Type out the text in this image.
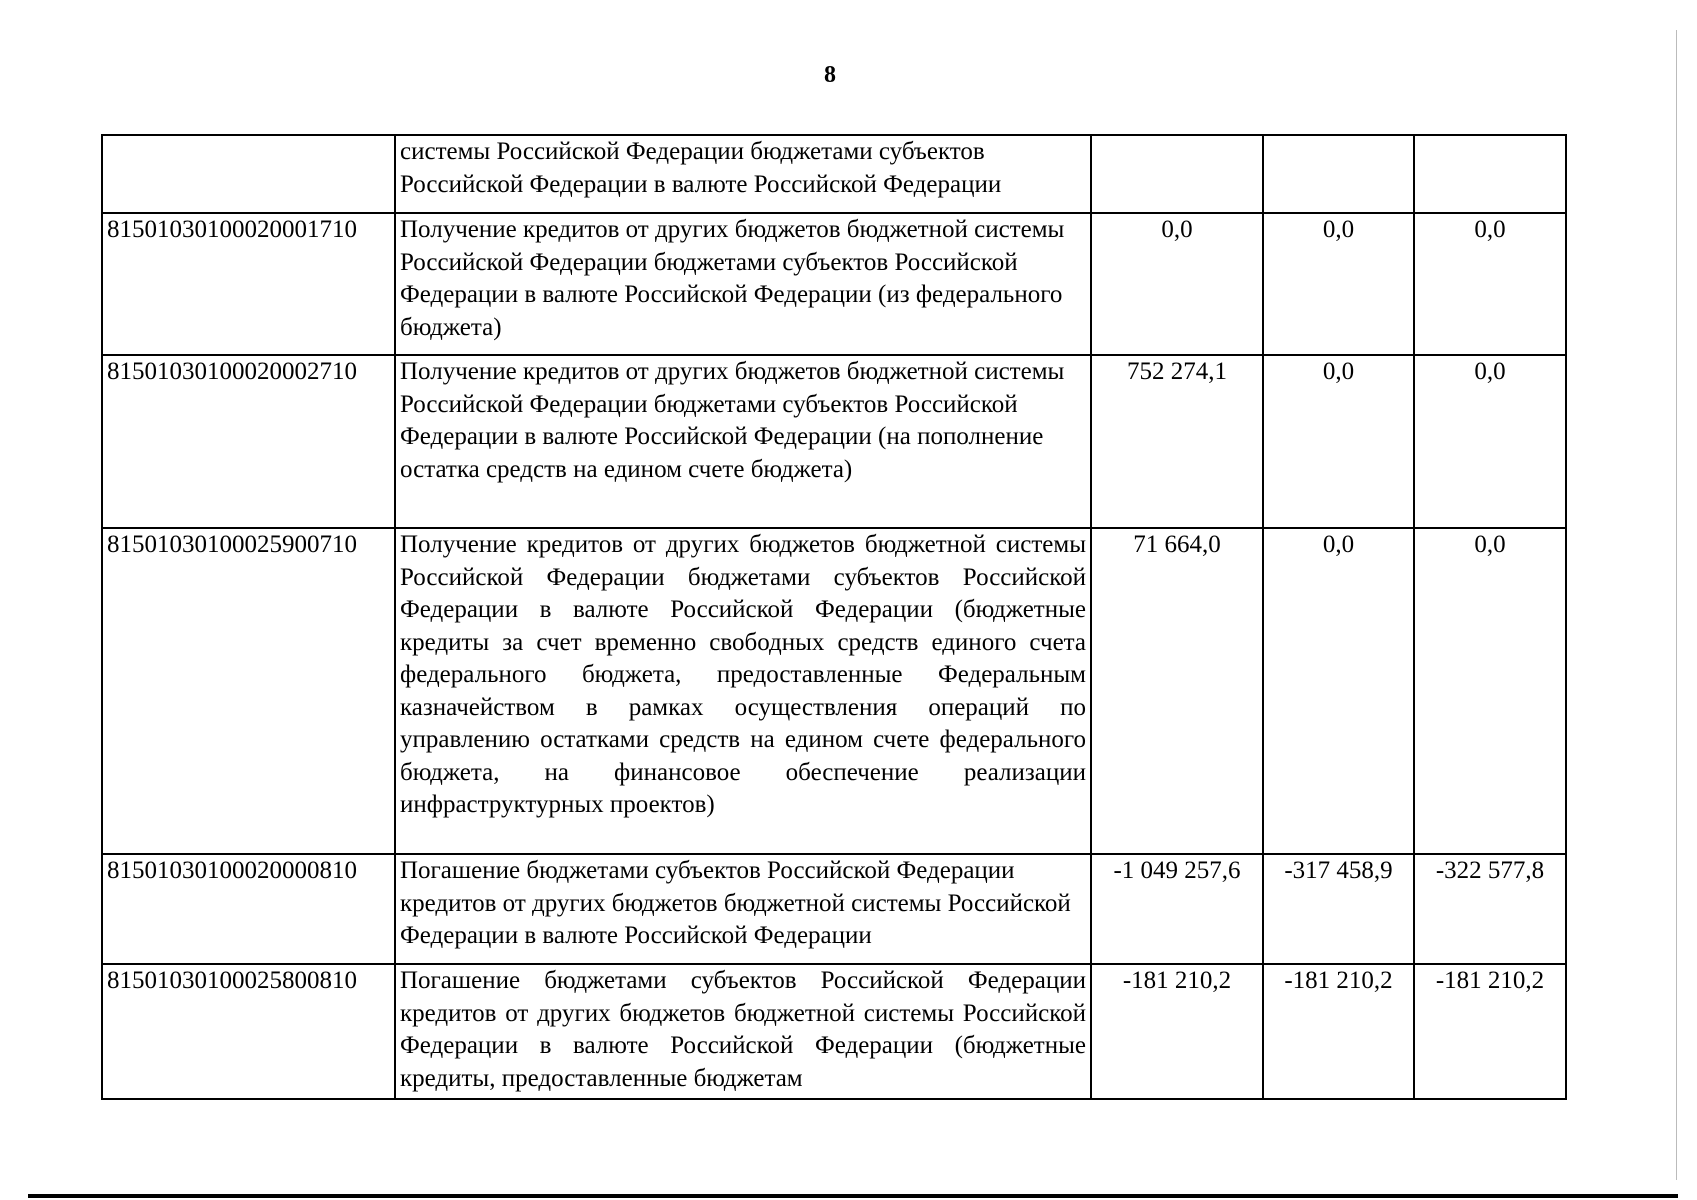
8
	системы Российской Федерации бюджетами субъектов Российской Федерации в валюте Российской Федерации			
81501030100020001710	Получение кредитов от других бюджетов бюджетной системы Российской Федерации бюджетами субъектов Российской Федерации в валюте Российской Федерации (из федерального бюджета)	0,0	0,0	0,0
81501030100020002710	Получение кредитов от других бюджетов бюджетной системы Российской Федерации бюджетами субъектов Российской Федерации в валюте Российской Федерации (на пополнение остатка средств на едином счете бюджета)	752 274,1	0,0	0,0
81501030100025900710	Получение кредитов от других бюджетов бюджетной системы Российской Федерации бюджетами субъектов Российской Федерации в валюте Российской Федерации (бюджетные кредиты за счет временно свободных средств единого счета федерального бюджета, предоставленные Федеральным казначейством в рамках осуществления операций по управлению остатками средств на едином счете федерального бюджета, на финансовое обеспечение реализации инфраструктурных проектов)	71 664,0	0,0	0,0
81501030100020000810	Погашение бюджетами субъектов Российской Федерации кредитов от других бюджетов бюджетной системы Российской Федерации в валюте Российской Федерации	-1 049 257,6	-317 458,9	-322 577,8
81501030100025800810	Погашение бюджетами субъектов Российской Федерации кредитов от других бюджетов бюджетной системы Российской Федерации в валюте Российской Федерации (бюджетные кредиты, предоставленные бюджетам	-181 210,2	-181 210,2	-181 210,2
